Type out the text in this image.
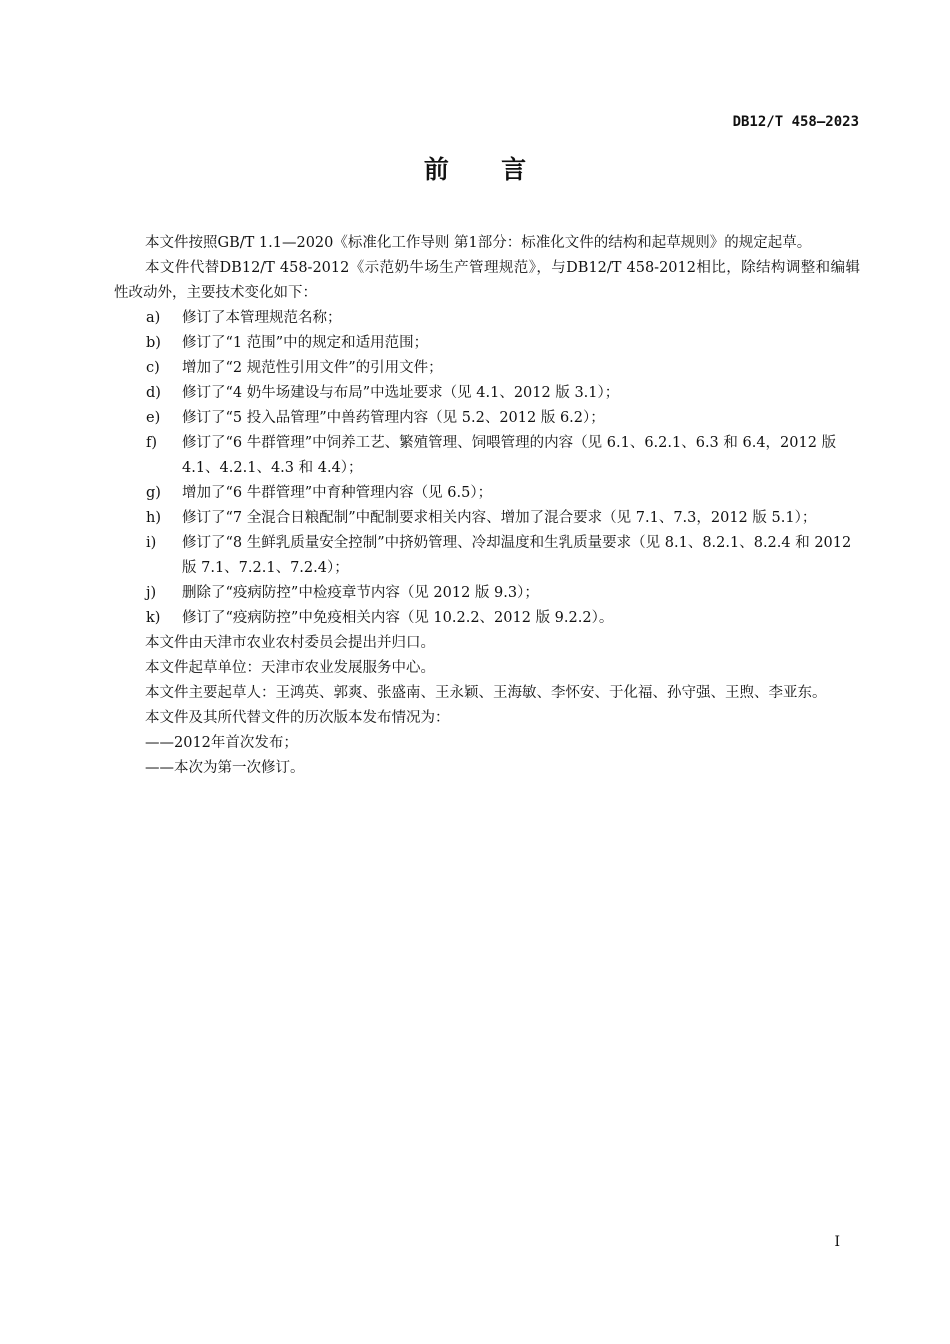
DB12/T 458—2023
前      言

本文件按照GB/T 1.1—2020《标准化工作导则 第1部分：标准化文件的结构和起草规则》的规定起草。

本文件代替DB12/T 458-2012《示范奶牛场生产管理规范》，与DB12/T 458-2012相比，除结构调整和编辑性改动外，主要技术变化如下：

a) 修订了本管理规范名称；

b) 修订了“1 范围”中的规定和适用范围；

c) 增加了“2 规范性引用文件”的引用文件；

d) 修订了“4 奶牛场建设与布局”中选址要求（见 4.1、2012 版 3.1）；

e) 修订了“5 投入品管理”中兽药管理内容（见 5.2、2012 版 6.2）；

f) 修订了“6 牛群管理”中饲养工艺、繁殖管理、饲喂管理的内容（见 6.1、6.2.1、6.3 和 6.4，2012 版 4.1、4.2.1、4.3 和 4.4）；

g) 增加了“6 牛群管理”中育种管理内容（见 6.5）；

h) 修订了“7 全混合日粮配制”中配制要求相关内容、增加了混合要求（见 7.1、7.3，2012 版 5.1）；

i) 修订了“8 生鲜乳质量安全控制”中挤奶管理、冷却温度和生乳质量要求（见 8.1、8.2.1、8.2.4 和 2012 版 7.1、7.2.1、7.2.4）；

j) 删除了“疫病防控”中检疫章节内容（见 2012 版 9.3）；

k) 修订了“疫病防控”中免疫相关内容（见 10.2.2、2012 版 9.2.2）。

本文件由天津市农业农村委员会提出并归口。

本文件起草单位：天津市农业发展服务中心。

本文件主要起草人：王鸿英、郭爽、张盛南、王永颖、王海敏、李怀安、于化福、孙守强、王煦、李亚东。

本文件及其所代替文件的历次版本发布情况为：

——2012年首次发布；

——本次为第一次修订。

I
